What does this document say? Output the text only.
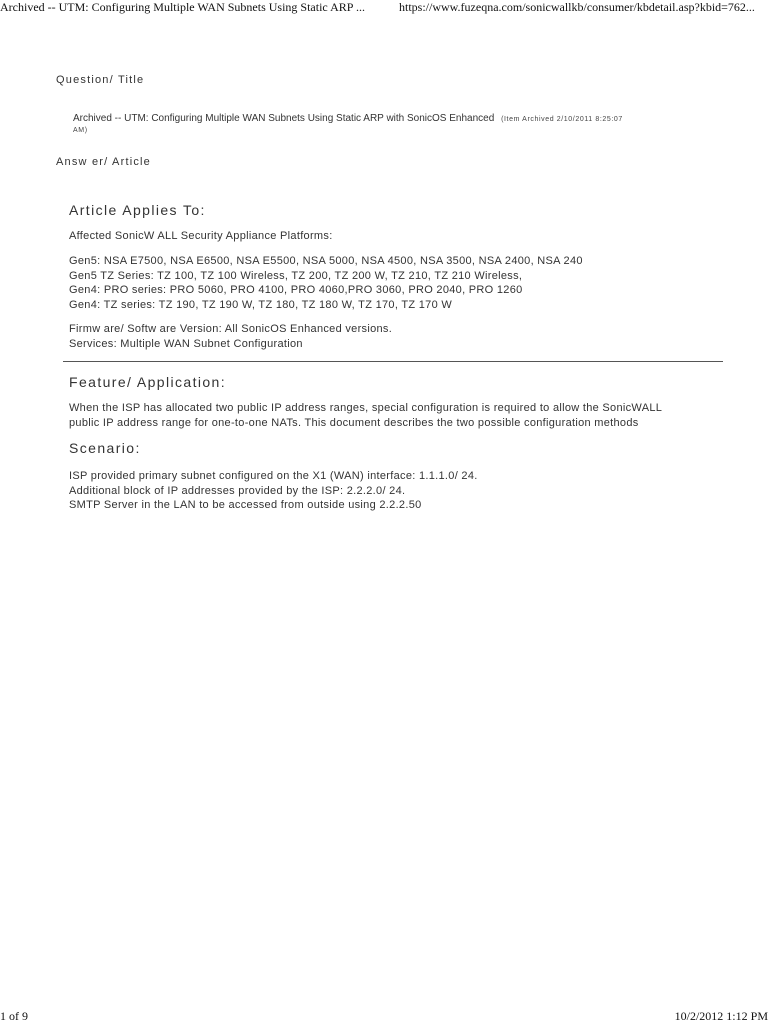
Archived -- UTM: Configuring Multiple WAN Subnets Using Static ARP ...	https://www.fuzeqna.com/sonicwallkb/consumer/kbdetail.asp?kbid=762...
Question/ Title
Archived -- UTM: Configuring Multiple WAN Subnets Using Static ARP with SonicOS Enhanced (Item Archived 2/10/2011 8:25:07
AM)
Answ er/ Article
Article Applies To:
Affected SonicW ALL Security Appliance Platforms:
Gen5: NSA E7500, NSA E6500, NSA E5500, NSA 5000, NSA 4500, NSA 3500, NSA 2400, NSA 240
Gen5 TZ Series: TZ 100, TZ 100 Wireless, TZ 200, TZ 200 W, TZ 210, TZ 210 Wireless,
Gen4: PRO series: PRO 5060, PRO 4100, PRO 4060,PRO 3060, PRO 2040, PRO 1260
Gen4: TZ series: TZ 190, TZ 190 W, TZ 180, TZ 180 W, TZ 170, TZ 170 W
Firmw are/ Softw are Version: All SonicOS Enhanced versions.
Services: Multiple WAN Subnet Configuration
Feature/ Application:
When the ISP has allocated two public IP address ranges, special configuration is required to allow the SonicWALL
public IP address range for one-to-one NATs. This document describes the two possible configuration methods
Scenario:
ISP provided primary subnet configured on the X1 (WAN) interface: 1.1.1.0/ 24.
Additional block of IP addresses provided by the ISP: 2.2.2.0/ 24.
SMTP Server in the LAN to be accessed from outside using 2.2.2.50
1 of 9	10/2/2012 1:12 PM
